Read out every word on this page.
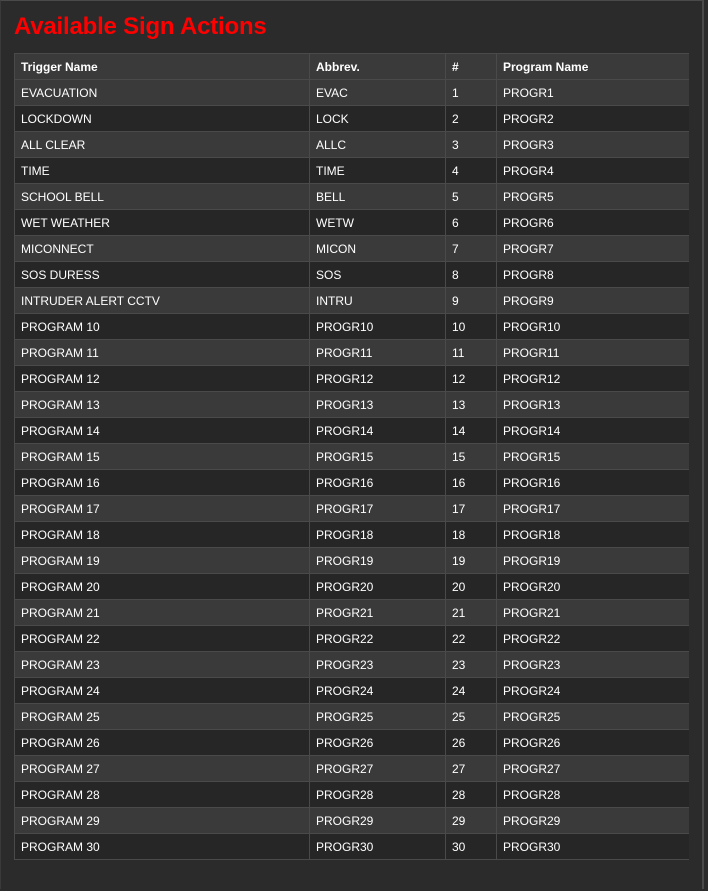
Available Sign Actions
Trigger Name	Abbrev.	#	Program Name
EVACUATION	EVAC	1	PROGR1
LOCKDOWN	LOCK	2	PROGR2
ALL CLEAR	ALLC	3	PROGR3
TIME	TIME	4	PROGR4
SCHOOL BELL	BELL	5	PROGR5
WET WEATHER	WETW	6	PROGR6
MICONNECT	MICON	7	PROGR7
SOS DURESS	SOS	8	PROGR8
INTRUDER ALERT CCTV	INTRU	9	PROGR9
PROGRAM 10	PROGR10	10	PROGR10
PROGRAM 11	PROGR11	11	PROGR11
PROGRAM 12	PROGR12	12	PROGR12
PROGRAM 13	PROGR13	13	PROGR13
PROGRAM 14	PROGR14	14	PROGR14
PROGRAM 15	PROGR15	15	PROGR15
PROGRAM 16	PROGR16	16	PROGR16
PROGRAM 17	PROGR17	17	PROGR17
PROGRAM 18	PROGR18	18	PROGR18
PROGRAM 19	PROGR19	19	PROGR19
PROGRAM 20	PROGR20	20	PROGR20
PROGRAM 21	PROGR21	21	PROGR21
PROGRAM 22	PROGR22	22	PROGR22
PROGRAM 23	PROGR23	23	PROGR23
PROGRAM 24	PROGR24	24	PROGR24
PROGRAM 25	PROGR25	25	PROGR25
PROGRAM 26	PROGR26	26	PROGR26
PROGRAM 27	PROGR27	27	PROGR27
PROGRAM 28	PROGR28	28	PROGR28
PROGRAM 29	PROGR29	29	PROGR29
PROGRAM 30	PROGR30	30	PROGR30
